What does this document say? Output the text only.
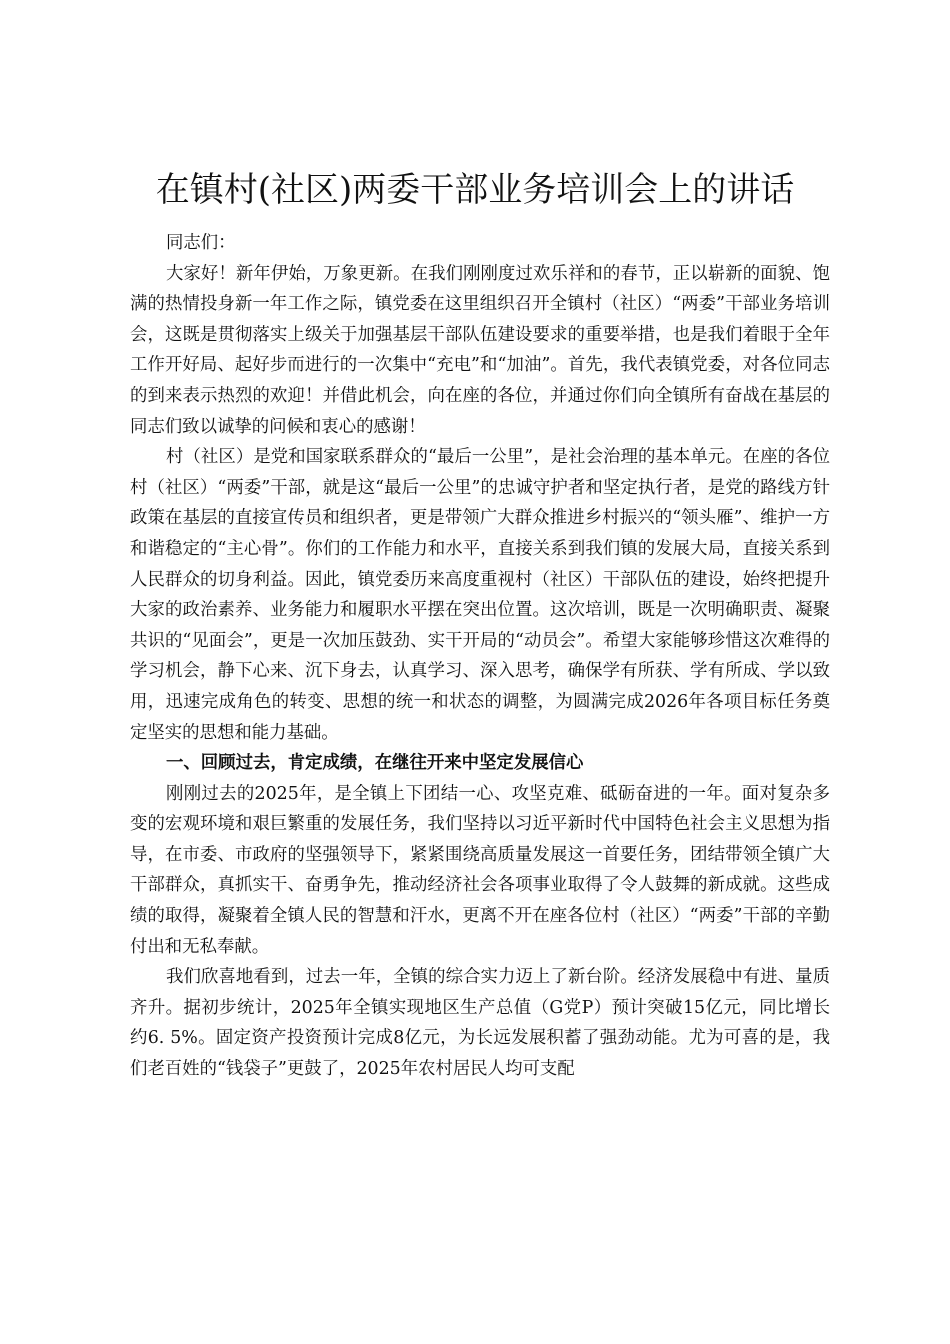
在镇村(社区)两委干部业务培训会上的讲话

同志们：

大家好！新年伊始，万象更新。在我们刚刚度过欢乐祥和的春节，正以崭新的面貌、饱满的热情投身新一年工作之际，镇党委在这里组织召开全镇村（社区）“两委”干部业务培训会，这既是贯彻落实上级关于加强基层干部队伍建设要求的重要举措，也是我们着眼于全年工作开好局、起好步而进行的一次集中“充电”和“加油”。首先，我代表镇党委，对各位同志的到来表示热烈的欢迎！并借此机会，向在座的各位，并通过你们向全镇所有奋战在基层的同志们致以诚挚的问候和衷心的感谢！

村（社区）是党和国家联系群众的“最后一公里”，是社会治理的基本单元。在座的各位村（社区）“两委”干部，就是这“最后一公里”的忠诚守护者和坚定执行者，是党的路线方针政策在基层的直接宣传员和组织者，更是带领广大群众推进乡村振兴的“领头雁”、维护一方和谐稳定的“主心骨”。你们的工作能力和水平，直接关系到我们镇的发展大局，直接关系到人民群众的切身利益。因此，镇党委历来高度重视村（社区）干部队伍的建设，始终把提升大家的政治素养、业务能力和履职水平摆在突出位置。这次培训，既是一次明确职责、凝聚共识的“见面会”，更是一次加压鼓劲、实干开局的“动员会”。希望大家能够珍惜这次难得的学习机会，静下心来、沉下身去，认真学习、深入思考，确保学有所获、学有所成、学以致用，迅速完成角色的转变、思想的统一和状态的调整，为圆满完成2026年各项目标任务奠定坚实的思想和能力基础。

一、回顾过去，肯定成绩，在继往开来中坚定发展信心

刚刚过去的2025年，是全镇上下团结一心、攻坚克难、砥砺奋进的一年。面对复杂多变的宏观环境和艰巨繁重的发展任务，我们坚持以习近平新时代中国特色社会主义思想为指导，在市委、市政府的坚强领导下，紧紧围绕高质量发展这一首要任务，团结带领全镇广大干部群众，真抓实干、奋勇争先，推动经济社会各项事业取得了令人鼓舞的新成就。这些成绩的取得，凝聚着全镇人民的智慧和汗水，更离不开在座各位村（社区）“两委”干部的辛勤付出和无私奉献。

我们欣喜地看到，过去一年，全镇的综合实力迈上了新台阶。经济发展稳中有进、量质齐升。据初步统计，2025年全镇实现地区生产总值（G党P）预计突破15亿元，同比增长约6. 5%。固定资产投资预计完成8亿元，为长远发展积蓄了强劲动能。尤为可喜的是，我们老百姓的“钱袋子”更鼓了，2025年农村居民人均可支配
